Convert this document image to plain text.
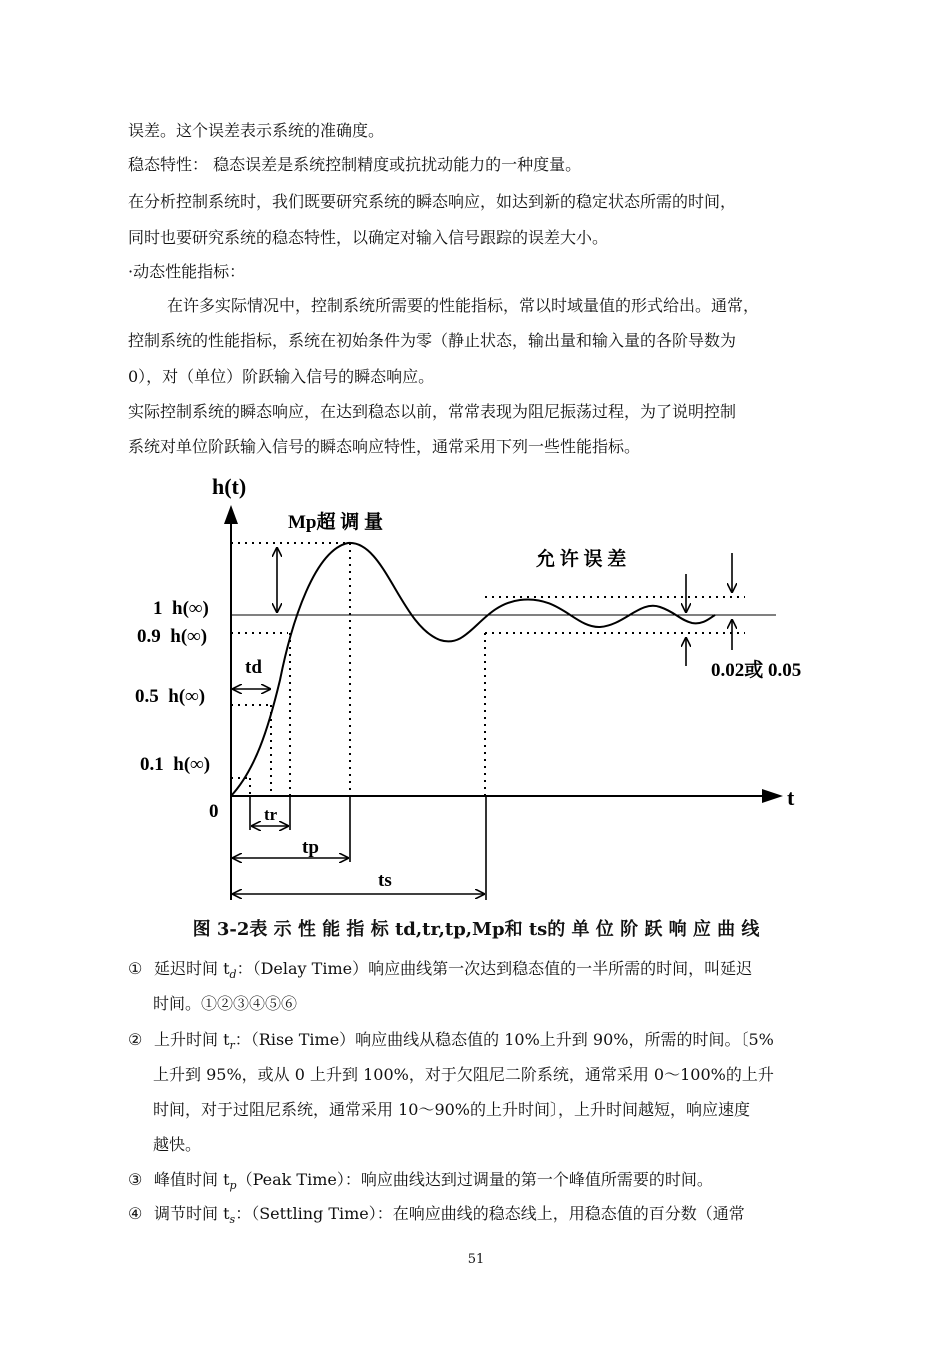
误差。这个误差表示系统的准确度。
稳态特性： 稳态误差是系统控制精度或抗扰动能力的一种度量。
在分析控制系统时，我们既要研究系统的瞬态响应，如达到新的稳定状态所需的时间，
同时也要研究系统的稳态特性，以确定对输入信号跟踪的误差大小。
·动态性能指标：
在许多实际情况中，控制系统所需要的性能指标，常以时域量值的形式给出。通常，
控制系统的性能指标，系统在初始条件为零（静止状态，输出量和输入量的各阶导数为
0），对（单位）阶跃输入信号的瞬态响应。
实际控制系统的瞬态响应，在达到稳态以前，常常表现为阻尼振荡过程，为了说明控制
系统对单位阶跃输入信号的瞬态响应特性，通常采用下列一些性能指标。
h(t)
t
0
1  h(∞)
0.9  h(∞)
0.5  h(∞)
0.1  h(∞)
Mp超 调 量
允 许 误 差
0.02或 0.05
td
tr
tp
ts
图 3-2表 示 性 能 指 标 td,tr,tp,Mp和 ts的 单 位 阶 跃 响 应 曲 线
① 延迟时间 $t_d$：（Delay Time）响应曲线第一次达到稳态值的一半所需的时间，叫延迟
时间。①②③④⑤⑥
② 上升时间 $t_r$：（Rise Time）响应曲线从稳态值的 10%上升到 90%，所需的时间。〔5%
上升到 95%，或从 0 上升到 100%，对于欠阻尼二阶系统，通常采用 0～100%的上升
时间，对于过阻尼系统，通常采用 10～90%的上升时间〕，上升时间越短，响应速度
越快。
③ 峰值时间 $t_p(Peak$ Time）：响应曲线达到过调量的第一个峰值所需要的时间。
④ 调节时间 $t_s$：（Settling Time）：在响应曲线的稳态线上，用稳态值的百分数（通常
51
